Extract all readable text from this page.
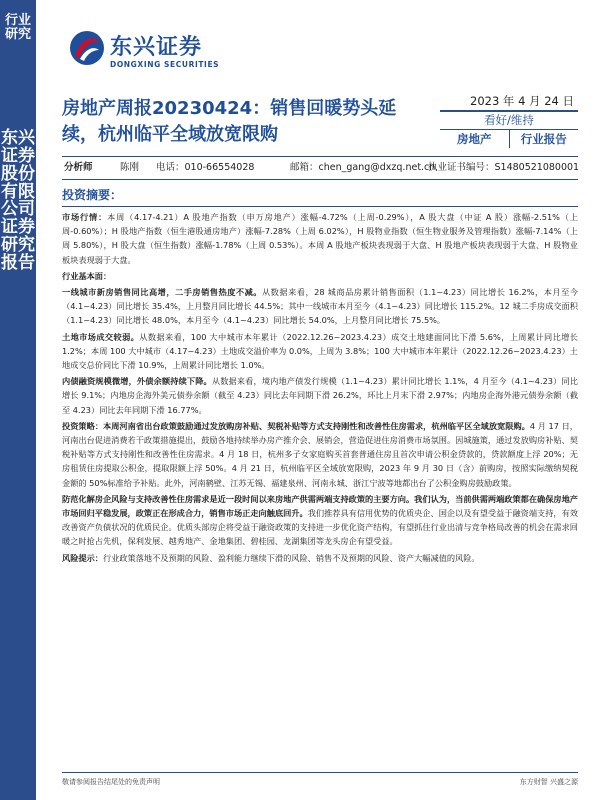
行业研究
东兴证券股份有限公司证券研究报告
东兴证券
DONGXING SECURITIES
房地产周报20230424：销售回暖势头延续，杭州临平全域放宽限购
2023 年 4 月 24 日
看好/维持
房地产	行业报告
分析师	陈刚 电话：010-66554028	邮箱：chen_gang@dxzq.net.cn
执业证书编号：S1480521080001
投资摘要：

市场行情：本周（4.17-4.21）A 股地产指数（申万房地产）涨幅-4.72%（上周-0.29%），A 股大盘（中证 A 股）涨幅-2.51%（上周-0.60%）；H 股地产指数（恒生港股通房地产）涨幅-7.28%（上周 6.02%），H 股物业指数（恒生物业服务及管理指数）涨幅-7.14%（上周 5.80%），H 股大盘（恒生指数）涨幅-1.78%（上周 0.53%）。本周 A 股地产板块表现弱于大盘、H 股地产板块表现弱于大盘、H 股物业板块表现弱于大盘。

行业基本面：

一线城市新房销售同比高增，二手房销售热度不减。从数据来看，28 城商品房累计销售面积（1.1~4.23）同比增长 16.2%，本月至今（4.1~4.23）同比增长 35.4%，上月整月同比增长 44.5%；其中一线城市本月至今（4.1~4.23）同比增长 115.2%。12 城二手房成交面积（1.1~4.23）同比增长 48.0%，本月至今（4.1~4.23）同比增长 54.0%，上月整月同比增长 75.5%。

土地市场成交较弱。从数据来看，100 大中城市本年累计（2022.12.26~2023.4.23）成交土地建面同比下滑 5.6%，上周累计同比增长 1.2%；本周 100 大中城市（4.17~4.23）土地成交溢价率为 0.0%，上周为 3.8%；100 大中城市本年累计（2022.12.26~2023.4.23）土地成交总价同比下滑 10.9%，上周累计同比增长 1.0%。

内债融资规模微增，外债余额持续下降。从数据来看，境内地产债发行规模（1.1~4.23）累计同比增长 1.1%，4 月至今（4.1~4.23）同比增长 9.1%；内地房企海外美元债券余额（截至 4.23）同比去年同期下滑 26.2%，环比上月末下滑 2.97%；内地房企海外港元债券余额（截至 4.23）同比去年同期下滑 16.77%。

投资策略：本周河南省出台政策鼓励通过发放购房补贴、契税补贴等方式支持刚性和改善性住房需求，杭州临平区全域放宽限购。4 月 17 日，河南出台促进消费若干政策措施提出，鼓励各地持续举办房产推介会、展销会，营造促进住房消费市场氛围。因城施策，通过发放购房补贴、契税补贴等方式支持刚性和改善性住房需求。4 月 18 日，杭州多子女家庭购买首套普通住房且首次申请公积金贷款的，贷款额度上浮 20%；无房租赁住房提取公积金，提取限额上浮 50%。4 月 21 日，杭州临平区全域放宽限购，2023 年 9 月 30 日（含）前购房，按照实际缴纳契税金额的 50%标准给予补贴。此外，河南鹤壁、江苏无锡、福建泉州、河南永城、浙江宁波等地都出台了公积金购房鼓励政策。

防范化解房企风险与支持改善性住房需求是近一段时间以来房地产供需两端支持政策的主要方向。我们认为，当前供需两端政策都在确保房地产市场回归平稳发展，政策正在形成合力，销售市场正走向触底回升。我们推荐具有信用优势的优质央企、国企以及有望受益于融资端支持，有效改善资产负债状况的优质民企。优质头部房企将受益于融资政策的支持进一步优化资产结构，有望抓住行业出清与竞争格局改善的机会在需求回暖之时抢占先机，保利发展、越秀地产、金地集团、碧桂园、龙湖集团等龙头房企有望受益。

风险提示：行业政策落地不及预期的风险、盈利能力继续下滑的风险、销售不及预期的风险、资产大幅减值的风险。

敬请参阅报告结尾处的免责声明	东方财智 兴盛之源
